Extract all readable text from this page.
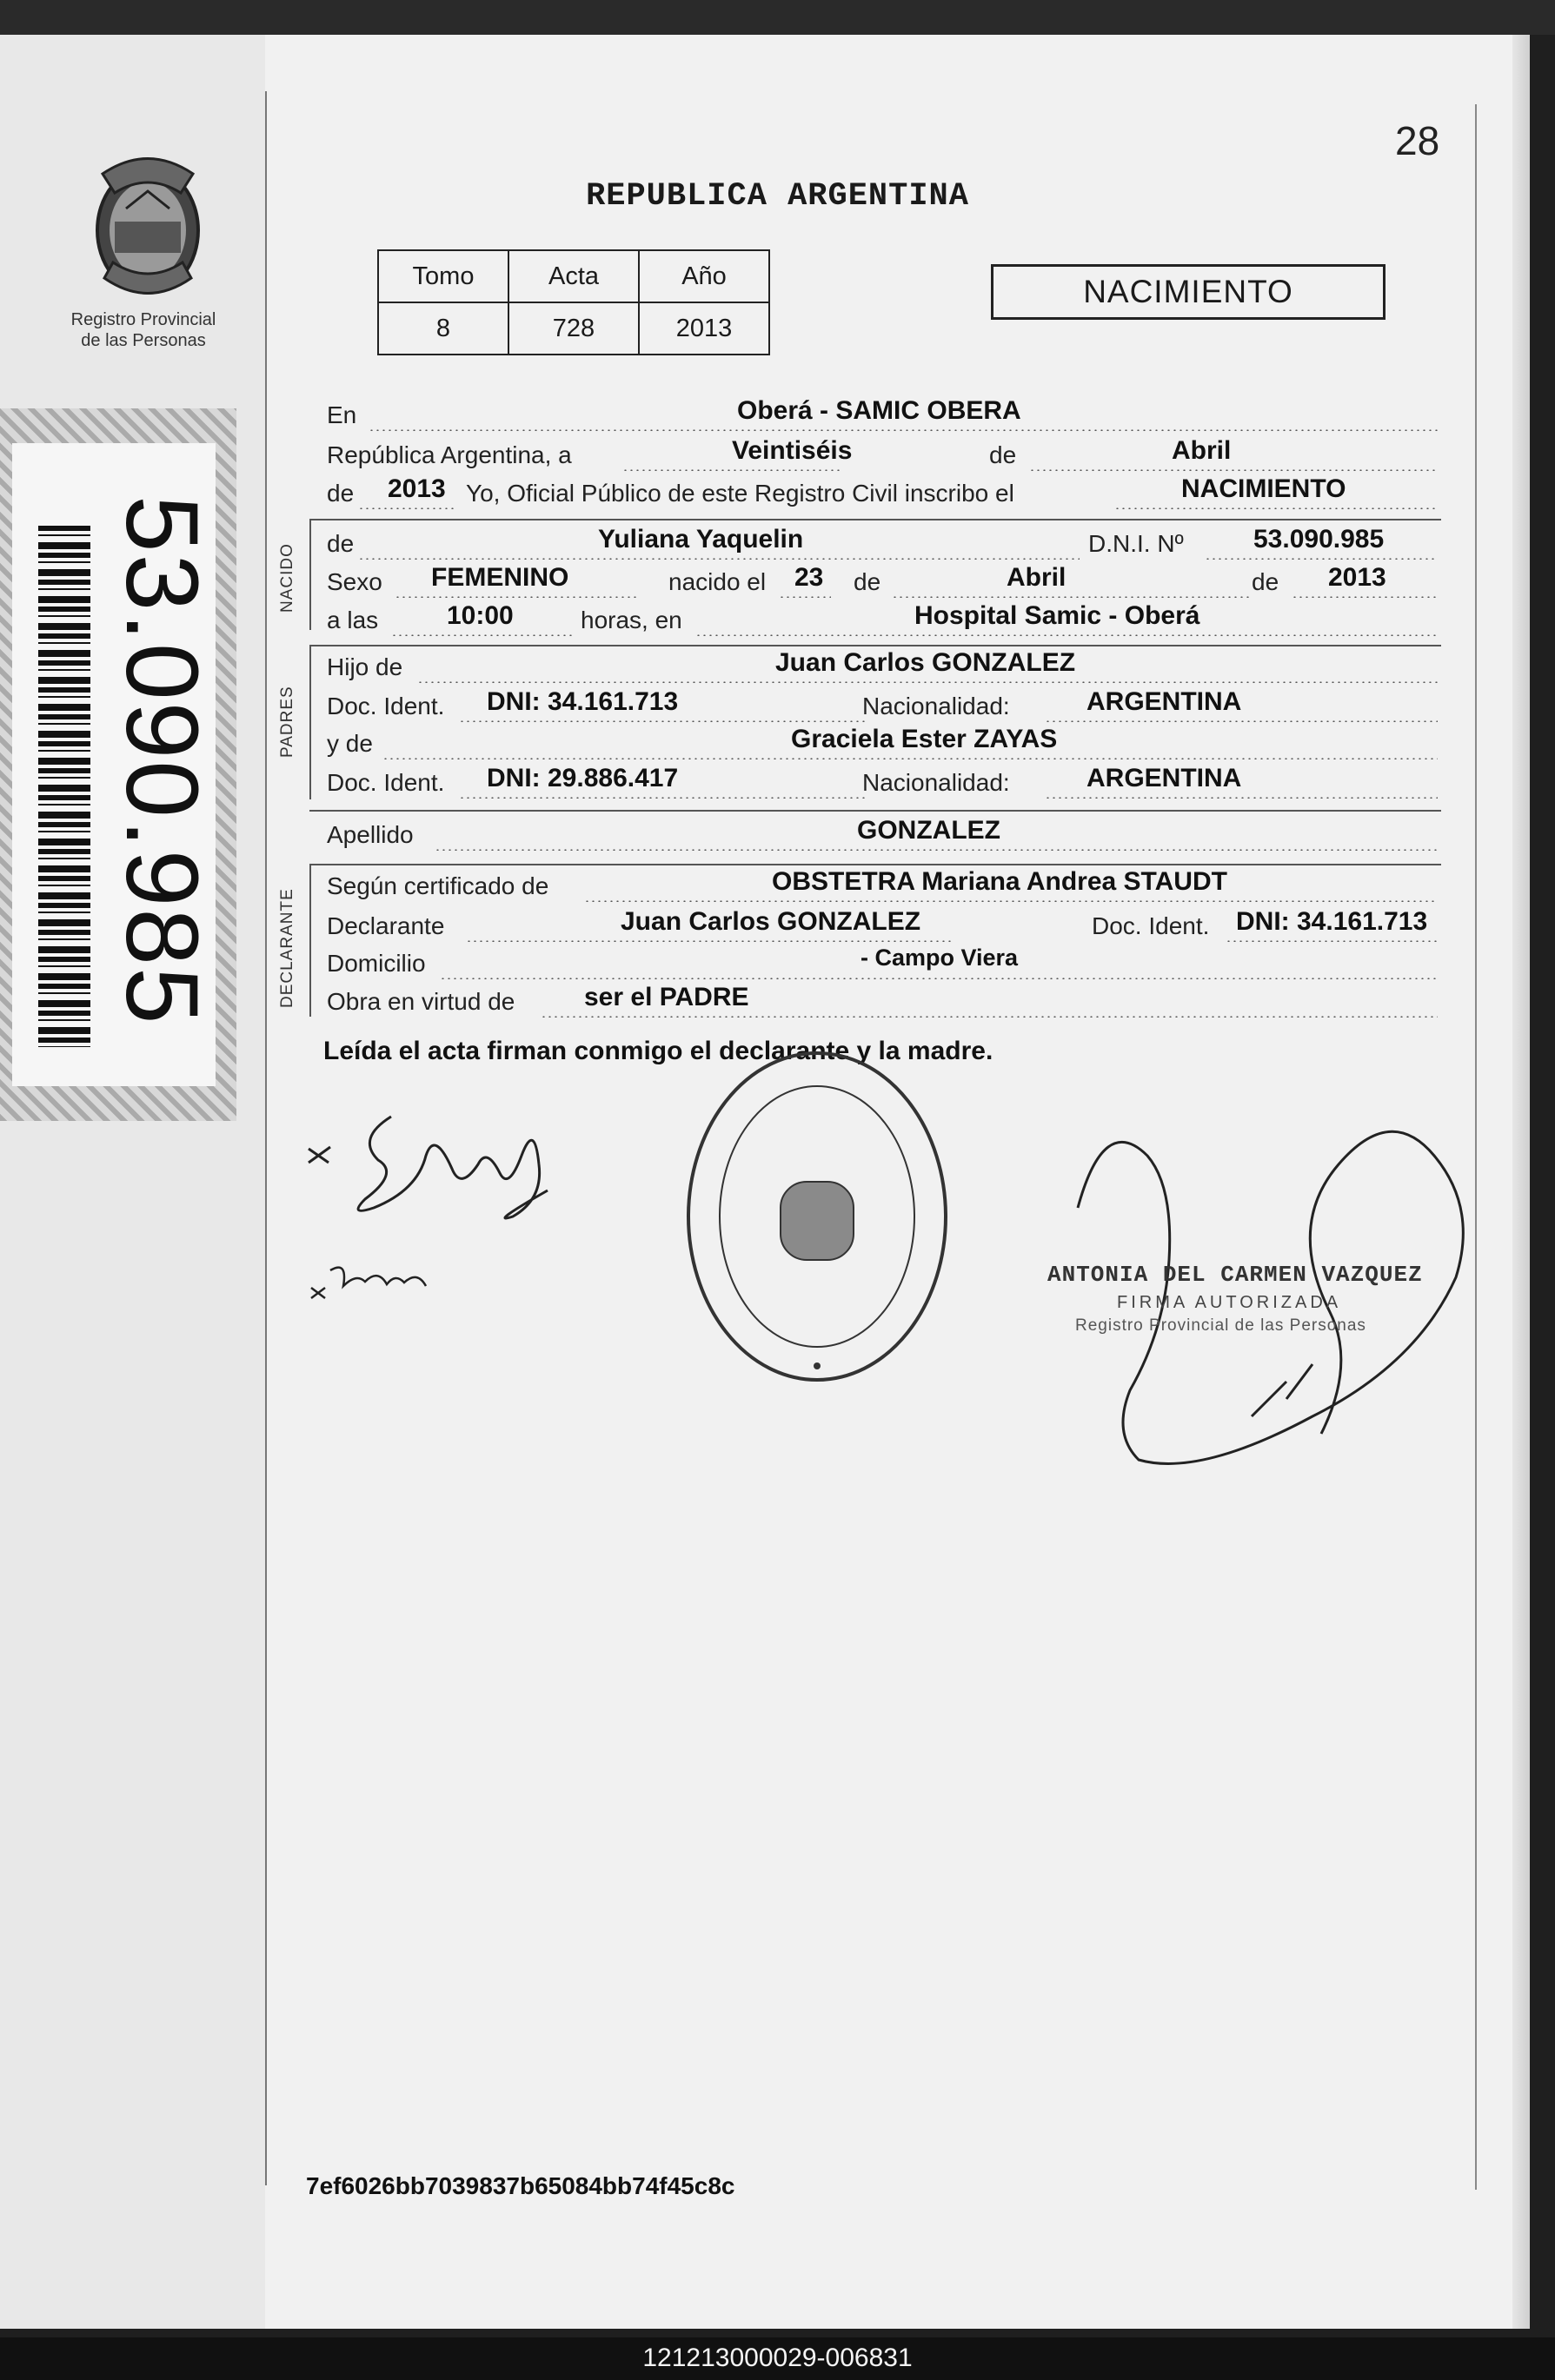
Registro Provincial
de las Personas
53.090.985
28
REPUBLICA ARGENTINA
Tomo	Acta	Año
8	728	2013
NACIMIENTO
En	Oberá - SAMIC OBERA
República Argentina, a	Veintiséis	de	Abril
de 2013 Yo, Oficial Público de este Registro Civil inscribo el	NACIMIENTO
NACIDO de	Yuliana Yaquelin	D.N.I. Nº	53.090.985
Sexo FEMENINO	nacido el 23 de	Abril	de 2013
a las	10:00	horas, en	Hospital Samic - Oberá
PADRES
Hijo de	Juan Carlos GONZALEZ
Doc. Ident. DNI: 34.161.713	Nacionalidad:	ARGENTINA
y de	Graciela Ester ZAYAS
Doc. Ident. DNI: 29.886.417	Nacionalidad:	ARGENTINA
Apellido	GONZALEZ
DECLARANTE
Según certificado de	OBSTETRA Mariana Andrea STAUDT
Declarante	Juan Carlos GONZALEZ	Doc. Ident. DNI: 34.161.713
Domicilio	- Campo Viera
Obra en virtud de	ser el PADRE
Leída el acta firman conmigo el declarante y la madre.
ANTONIA DEL CARMEN VAZQUEZ
FIRMA AUTORIZADA
Registro Provincial de las Personas
7ef6026bb7039837b65084bb74f45c8c
121213000029-006831
